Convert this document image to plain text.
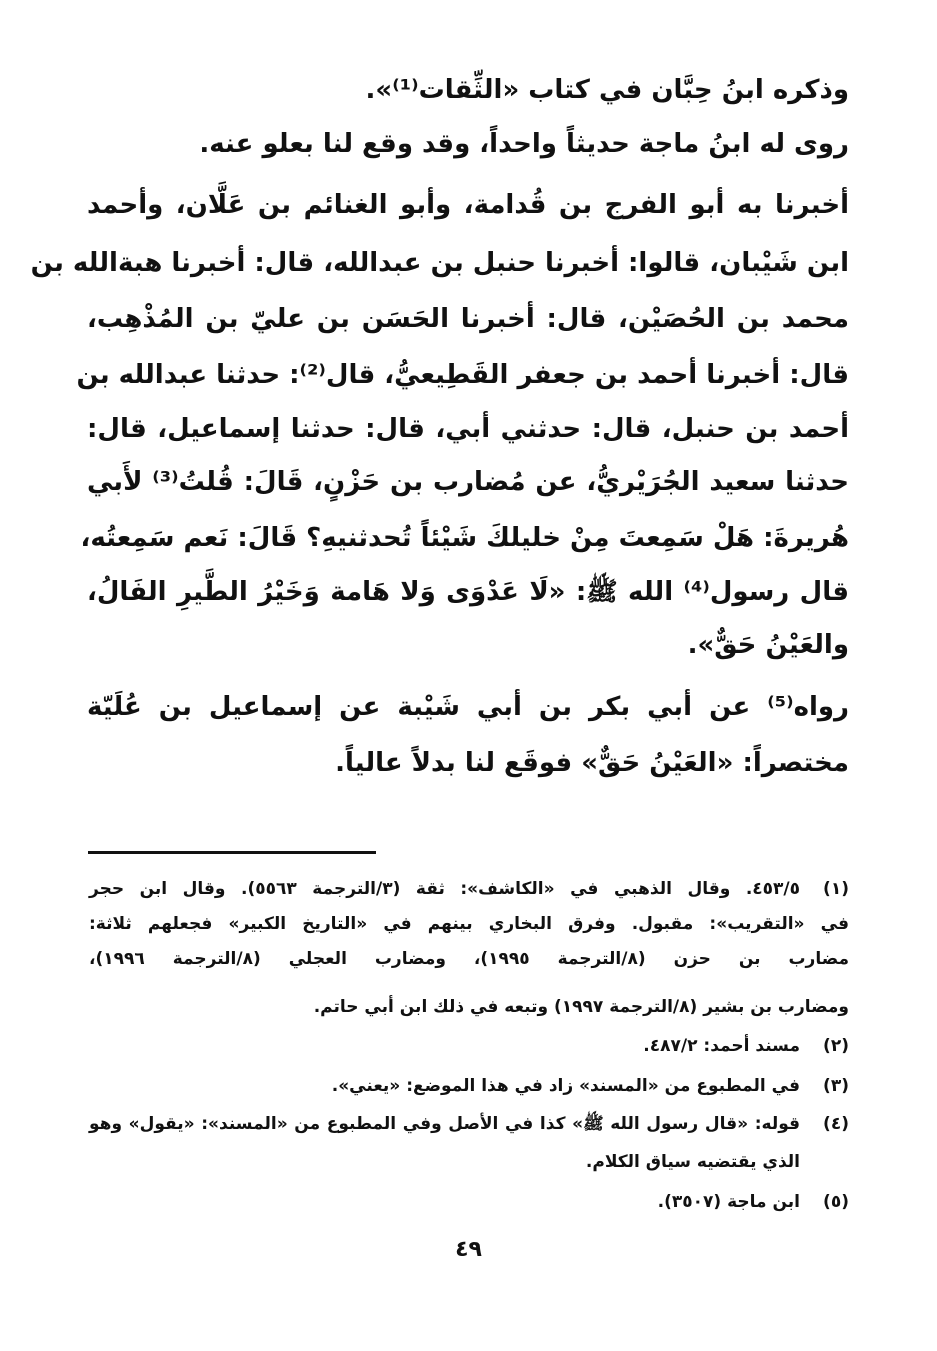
وذكره ابنُ حِبَّان في كتاب «الثِّقات⁽¹⁾».
روى له ابنُ ماجة حديثاً واحداً، وقد وقع لنا بعلو عنه.
أخبرنا به أبو الفرج بن قُدامة، وأبو الغنائم بن عَلَّان، وأحمد
ابن شَيْبان، قالوا: أخبرنا حنبل بن عبدالله، قال: أخبرنا هبةالله بن
محمد بن الحُصَيْن، قال: أخبرنا الحَسَن بن عليّ بن المُذْهِب،
قال: أخبرنا أحمد بن جعفر القَطِيعيُّ، قال⁽²⁾: حدثنا عبدالله بن
أحمد بن حنبل، قال: حدثني أبي، قال: حدثنا إسماعيل، قال:
حدثنا سعيد الجُرَيْريُّ، عن مُضارب بن حَزْنٍ، قَالَ: قُلتُ⁽³⁾ لأَبي
هُريرةَ: هَلْ سَمِعتَ مِنْ خليلكَ شَيْئاً تُحدثنيهِ؟ قَالَ: نَعم سَمِعتُه،
قال رسول⁽⁴⁾ الله ﷺ: «لَا عَدْوَى وَلا هَامة وَخَيْرُ الطَّيرِ الفَالُ،
والعَيْنُ حَقٌّ».
رواه⁽⁵⁾ عن أبي بكر بن أبي شَيْبة عن إسماعيل بن عُلَيّة
مختصراً: «العَيْنُ حَقٌّ» فوقَع لنا بدلاً عالياً.
(١)
٤٥٣/٥. وقال الذهبي في «الكاشف»: ثقة (٣/الترجمة ٥٥٦٣). وقال ابن حجر
في «التقريب»: مقبول. وفرق البخاري بينهم في «التاريخ الكبير» فجعلهم ثلاثة:
مضارب بن حزن (٨/الترجمة ١٩٩٥)، ومضارب العجلي (٨/الترجمة ١٩٩٦)،
ومضارب بن بشير (٨/الترجمة ١٩٩٧) وتبعه في ذلك ابن أبي حاتم.
(٢)
مسند أحمد: ٤٨٧/٢.
(٣)
في المطبوع من «المسند» زاد في هذا الموضع: «يعني».
(٤)
قوله: «قال رسول الله ﷺ» كذا في الأصل وفي المطبوع من «المسند»: «يقول» وهو
الذي يقتضيه سياق الكلام.
(٥)
ابن ماجة (٣٥٠٧).
٤٩
